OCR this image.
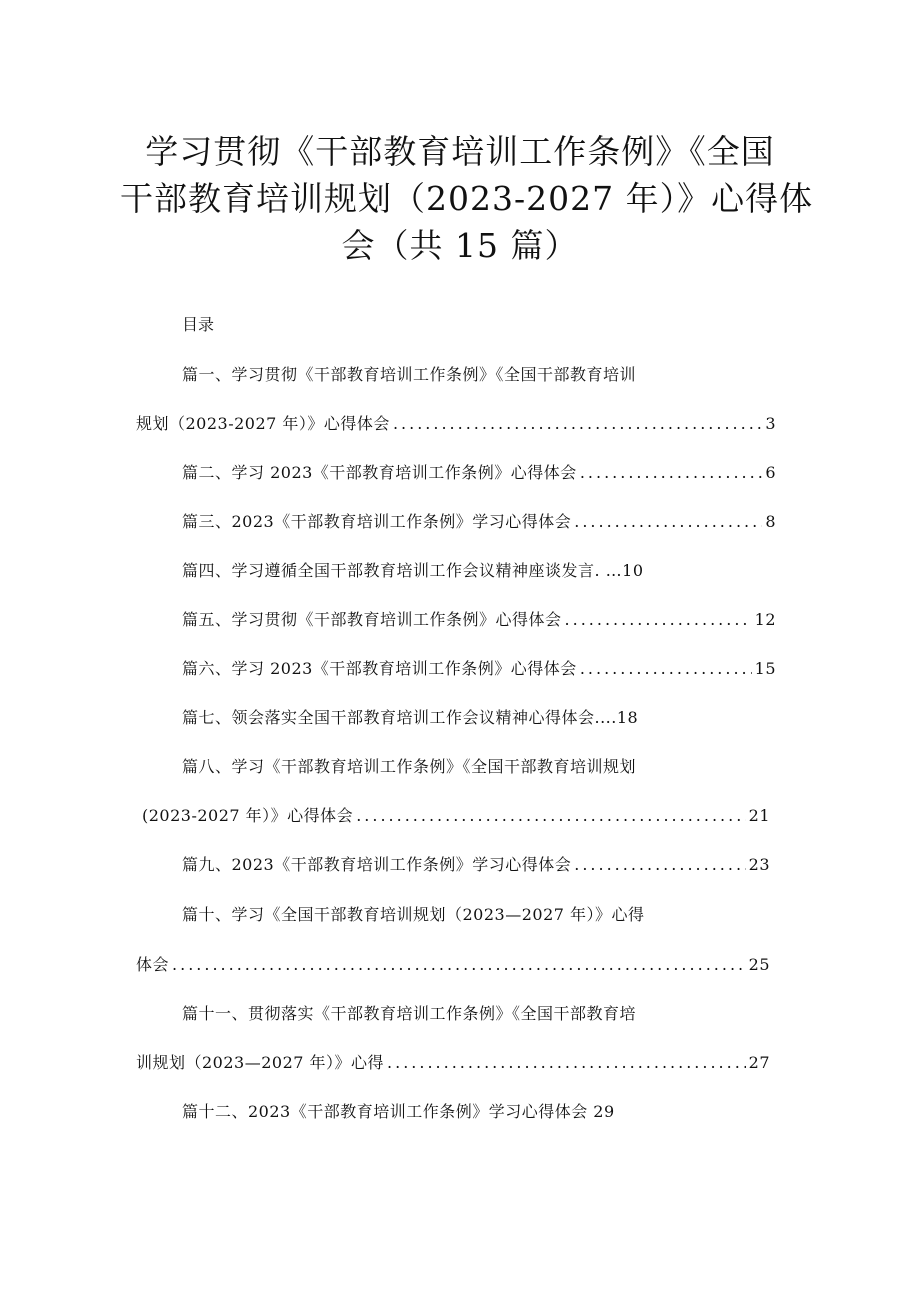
学习贯彻《干部教育培训工作条例》《全国
干部教育培训规划（2023-2027 年）》心得体
会（共 15 篇）
目录
篇一、学习贯彻《干部教育培训工作条例》《全国干部教育培训
规划（2023-2027 年）》心得体会 .....	3
篇二、学习 2023《干部教育培训工作条例》心得体会 .....	6
篇三、2023《干部教育培训工作条例》学习心得体会 .....	8
篇四、学习遵循全国干部教育培训工作会议精神座谈发言. …10
篇五、学习贯彻《干部教育培训工作条例》心得体会 .....	12
篇六、学习 2023《干部教育培训工作条例》心得体会 .....	15
篇七、领会落实全国干部教育培训工作会议精神心得体会....18
篇八、学习《干部教育培训工作条例》《全国干部教育培训规划
(2023-2027 年）》心得体会 .....	21
篇九、2023《干部教育培训工作条例》学习心得体会 .....	23
篇十、学习《全国干部教育培训规划（2023—2027 年）》心得
体会 .....	25
篇十一、贯彻落实《干部教育培训工作条例》《全国干部教育培
训规划（2023—2027 年）》心得 .....	27
篇十二、2023《干部教育培训工作条例》学习心得体会 29
